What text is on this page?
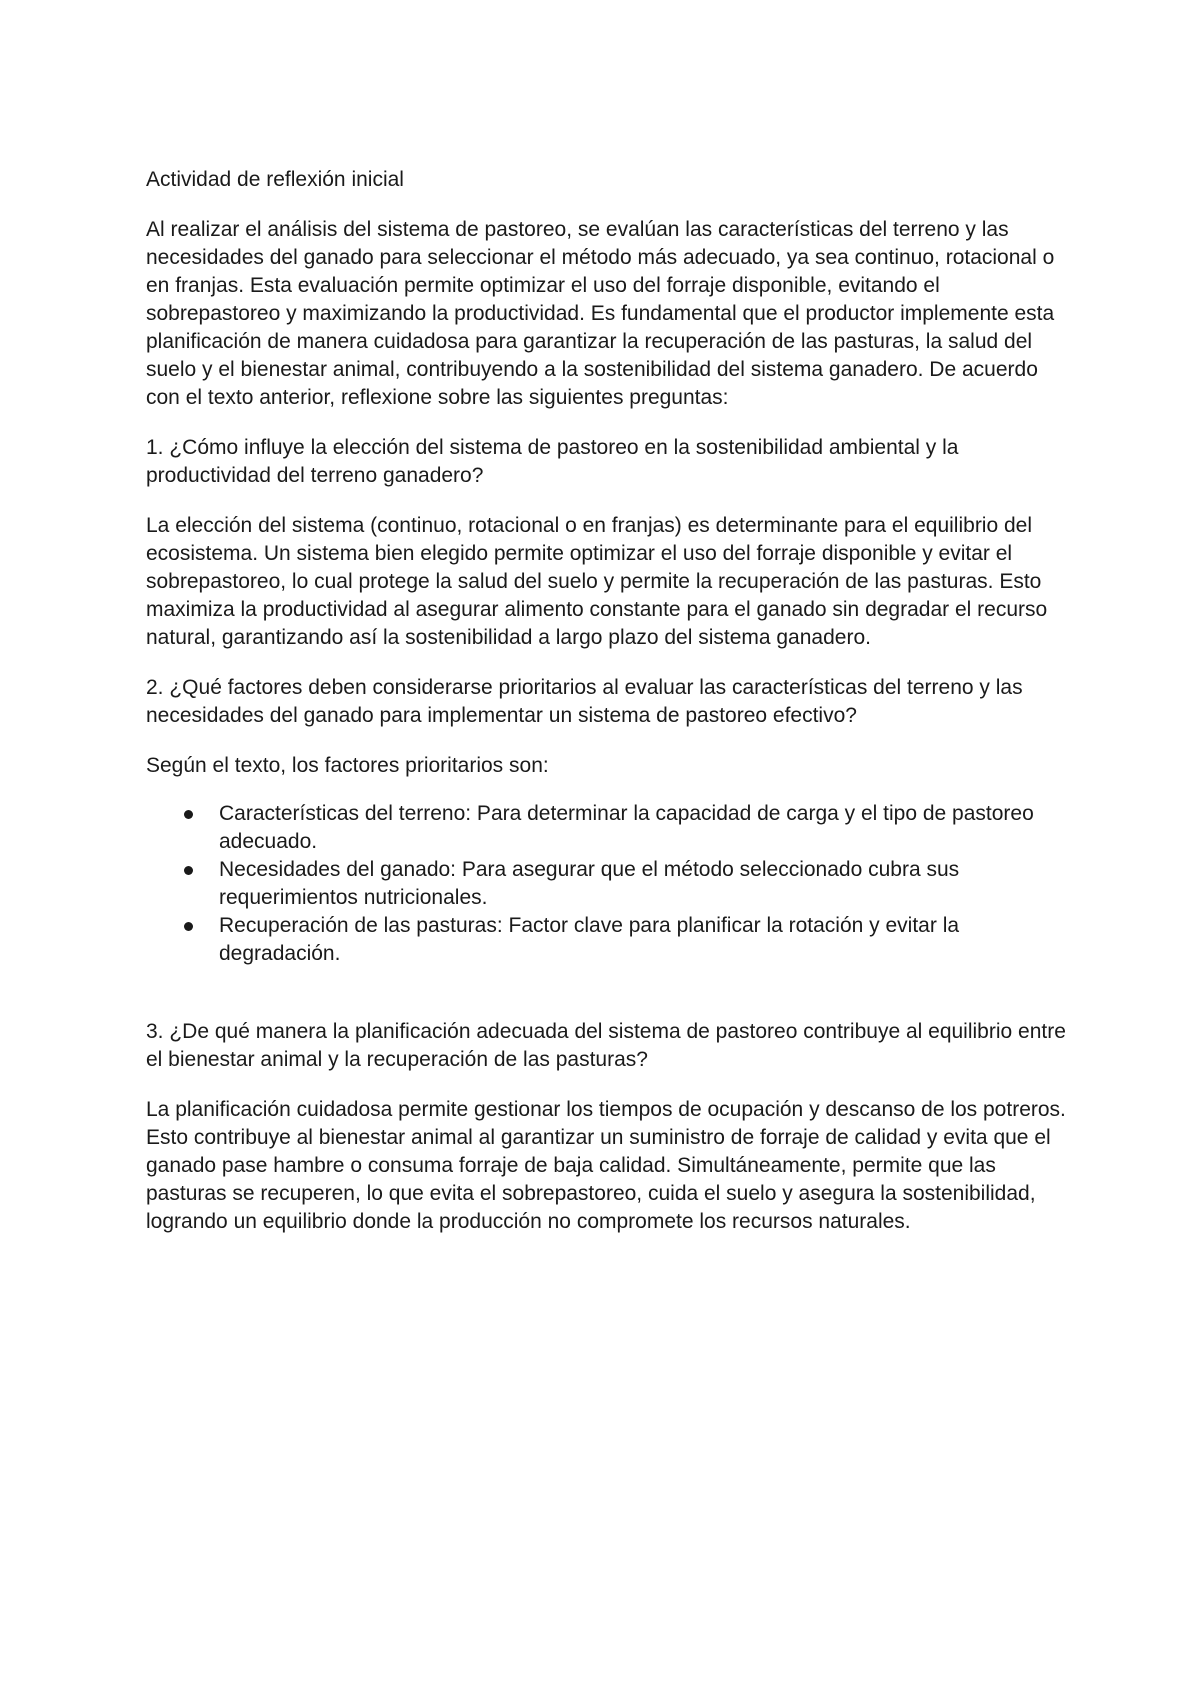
Actividad de reflexión inicial

Al realizar el análisis del sistema de pastoreo, se evalúan las características del terreno y las necesidades del ganado para seleccionar el método más adecuado, ya sea continuo, rotacional o en franjas. Esta evaluación permite optimizar el uso del forraje disponible, evitando el sobrepastoreo y maximizando la productividad. Es fundamental que el productor implemente esta planificación de manera cuidadosa para garantizar la recuperación de las pasturas, la salud del suelo y el bienestar animal, contribuyendo a la sostenibilidad del sistema ganadero. De acuerdo con el texto anterior, reflexione sobre las siguientes preguntas:

1. ¿Cómo influye la elección del sistema de pastoreo en la sostenibilidad ambiental y la productividad del terreno ganadero?

La elección del sistema (continuo, rotacional o en franjas) es determinante para el equilibrio del ecosistema. Un sistema bien elegido permite optimizar el uso del forraje disponible y evitar el sobrepastoreo, lo cual protege la salud del suelo y permite la recuperación de las pasturas. Esto maximiza la productividad al asegurar alimento constante para el ganado sin degradar el recurso natural, garantizando así la sostenibilidad a largo plazo del sistema ganadero.

2. ¿Qué factores deben considerarse prioritarios al evaluar las características del terreno y las necesidades del ganado para implementar un sistema de pastoreo efectivo?

Según el texto, los factores prioritarios son:

Características del terreno: Para determinar la capacidad de carga y el tipo de pastoreo adecuado.
Necesidades del ganado: Para asegurar que el método seleccionado cubra sus requerimientos nutricionales.
Recuperación de las pasturas: Factor clave para planificar la rotación y evitar la degradación.

3. ¿De qué manera la planificación adecuada del sistema de pastoreo contribuye al equilibrio entre el bienestar animal y la recuperación de las pasturas?

La planificación cuidadosa permite gestionar los tiempos de ocupación y descanso de los potreros. Esto contribuye al bienestar animal al garantizar un suministro de forraje de calidad y evita que el ganado pase hambre o consuma forraje de baja calidad. Simultáneamente, permite que las pasturas se recuperen, lo que evita el sobrepastoreo, cuida el suelo y asegura la sostenibilidad, logrando un equilibrio donde la producción no compromete los recursos naturales.
